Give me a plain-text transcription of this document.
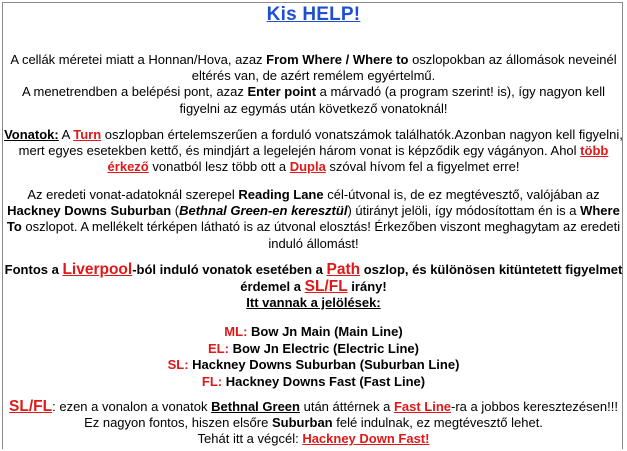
Kis HELP!
A cellák méretei miatt a Honnan/Hova, azaz From Where / Where to oszlopokban az állomások neveinél eltérés van, de azért remélem egyértelmű.
A menetrendben a belépési pont, azaz Enter point a márvadó (a program szerint! is), így nagyon kell figyelni az egymás után következő vonatoknál!
Vonatok: A Turn oszlopban értelemszerűen a forduló vonatszámok találhatók.Azonban nagyon kell figyelni, mert egyes esetekben kettő, és mindjárt a legelején három vonat is képződik egy vágányon. Ahol több érkező vonatból lesz több ott a Dupla szóval hívom fel a figyelmet erre!
Az eredeti vonat-adatoknál szerepel Reading Lane cél-útvonal is, de ez megtévesztő, valójában az Hackney Downs Suburban (Bethnal Green-en keresztül) útirányt jelöli, így módosítottam én is a Where To oszlopot. A mellékelt térképen látható is az útvonal elosztás! Érkezőben viszont meghagytam az eredeti induló állomást!
Fontos a Liverpool-ból induló vonatok esetében a Path oszlop, és különösen kitüntetett figyelmet érdemel a SL/FL irány!
Itt vannak a jelölések:
ML: Bow Jn Main (Main Line)
EL: Bow Jn Electric (Electric Line)
SL: Hackney Downs Suburban (Suburban Line)
FL: Hackney Downs Fast (Fast Line)
SL/FL: ezen a vonalon a vonatok Bethnal Green után áttérnek a Fast Line-ra a jobbos keresztezésen!!! Ez nagyon fontos, hiszen elsőre Suburban felé indulnak, ez megtévesztő lehet.
Tehát itt a végcél: Hackney Down Fast!
